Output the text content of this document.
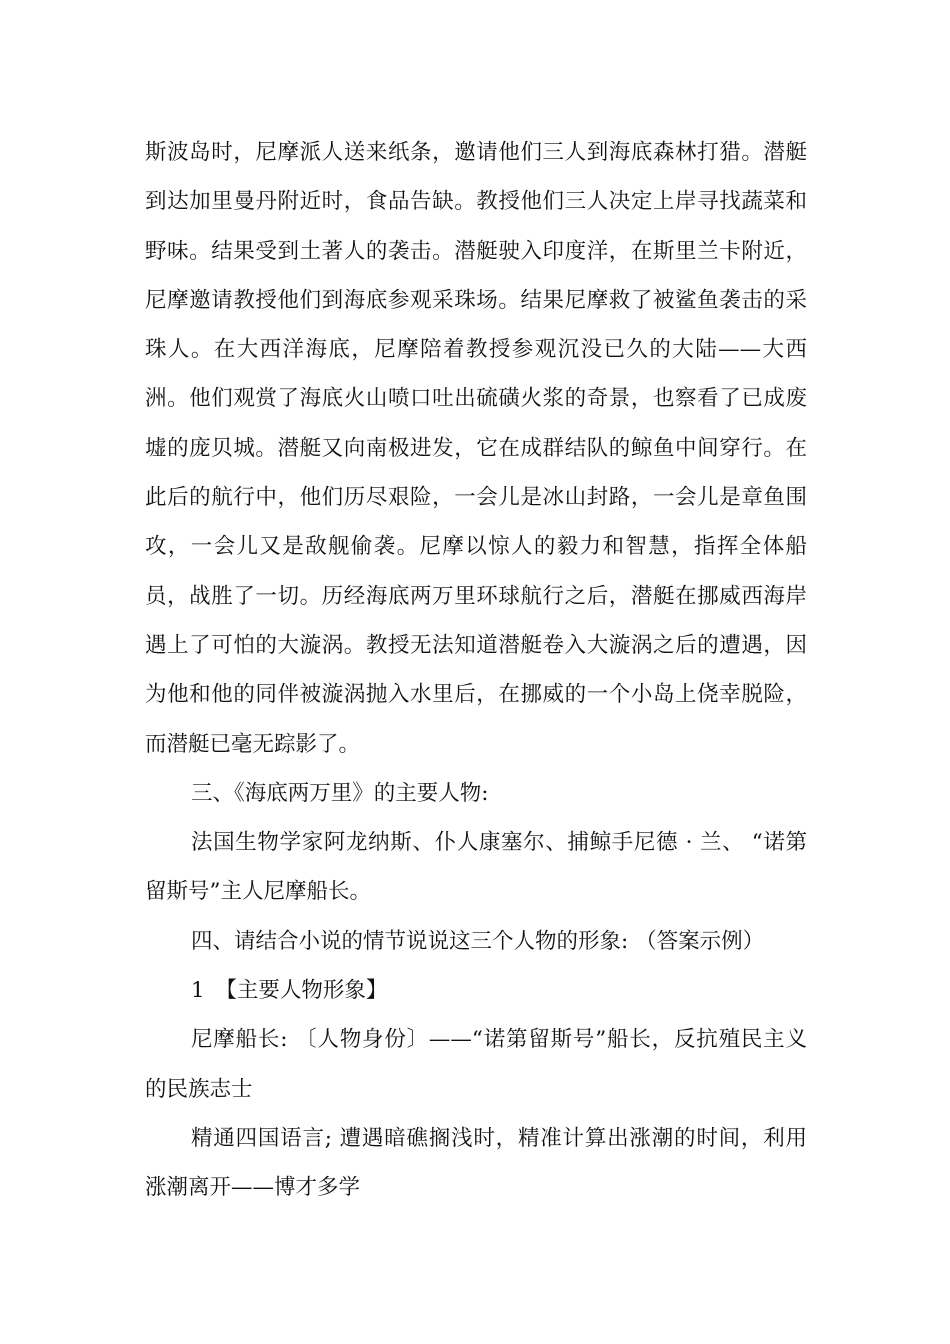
斯波岛时，尼摩派人送来纸条，邀请他们三人到海底森林打猎。潜艇到达加里曼丹附近时，食品告缺。教授他们三人决定上岸寻找蔬菜和野味。结果受到土著人的袭击。潜艇驶入印度洋，在斯里兰卡附近，尼摩邀请教授他们到海底参观采珠场。结果尼摩救了被鲨鱼袭击的采珠人。在大西洋海底，尼摩陪着教授参观沉没已久的大陆——大西洲。他们观赏了海底火山喷口吐出硫磺火浆的奇景，也察看了已成废墟的庞贝城。潜艇又向南极进发，它在成群结队的鲸鱼中间穿行。在此后的航行中，他们历尽艰险，一会儿是冰山封路，一会儿是章鱼围攻，一会儿又是敌舰偷袭。尼摩以惊人的毅力和智慧，指挥全体船员，战胜了一切。历经海底两万里环球航行之后，潜艇在挪威西海岸遇上了可怕的大漩涡。教授无法知道潜艇卷入大漩涡之后的遭遇，因为他和他的同伴被漩涡抛入水里后，在挪威的一个小岛上侥幸脱险，而潜艇已毫无踪影了。

三、《海底两万里》的主要人物:

法国生物学家阿龙纳斯、仆人康塞尔、捕鲸手尼德 · 兰、 “诺第留斯号”主人尼摩船长。

四、请结合小说的情节说说这三个人物的形象: （答案示例）

1　【主要人物形象】

尼摩船长: 〔人物身份〕——“诺第留斯号”船长，反抗殖民主义的民族志士

精通四国语言; 遭遇暗礁搁浅时，精准计算出涨潮的时间，利用涨潮离开——博才多学
